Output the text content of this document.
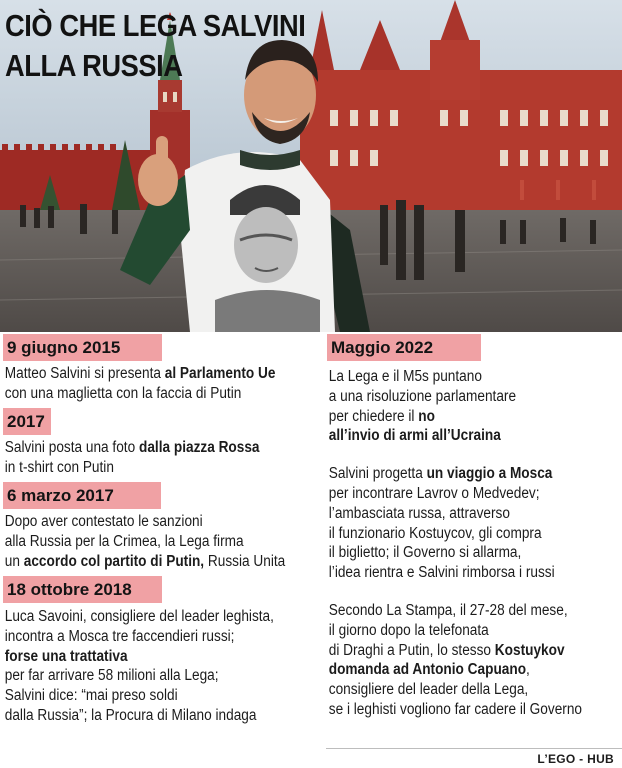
CIÒ CHE LEGA SALVINI
ALLA RUSSIA
9 giugno 2015
Matteo Salvini si presenta al Parlamento Ue
con una maglietta con la faccia di Putin
2017
Salvini posta una foto dalla piazza Rossa
in t-shirt con Putin
6 marzo 2017
Dopo aver contestato le sanzioni
alla Russia per la Crimea, la Lega firma
un accordo col partito di Putin, Russia Unita
18 ottobre 2018
Luca Savoini, consigliere del leader leghista,
incontra a Mosca tre faccendieri russi;
forse una trattativa
per far arrivare 58 milioni alla Lega;
Salvini dice: “mai preso soldi
dalla Russia”; la Procura di Milano indaga
Maggio 2022
La Lega e il M5s puntano
a una risoluzione parlamentare
per chiedere il no
all’invio di armi all’Ucraina
Salvini progetta un viaggio a Mosca
per incontrare Lavrov o Medvedev;
l’ambasciata russa, attraverso
il funzionario Kostuycov, gli compra
il biglietto; il Governo si allarma,
l’idea rientra e Salvini rimborsa i russi
Secondo La Stampa, il 27-28 del mese,
il giorno dopo la telefonata
di Draghi a Putin, lo stesso Kostuykov
domanda ad Antonio Capuano,
consigliere del leader della Lega,
se i leghisti vogliono far cadere il Governo
L’EGO - HUB
